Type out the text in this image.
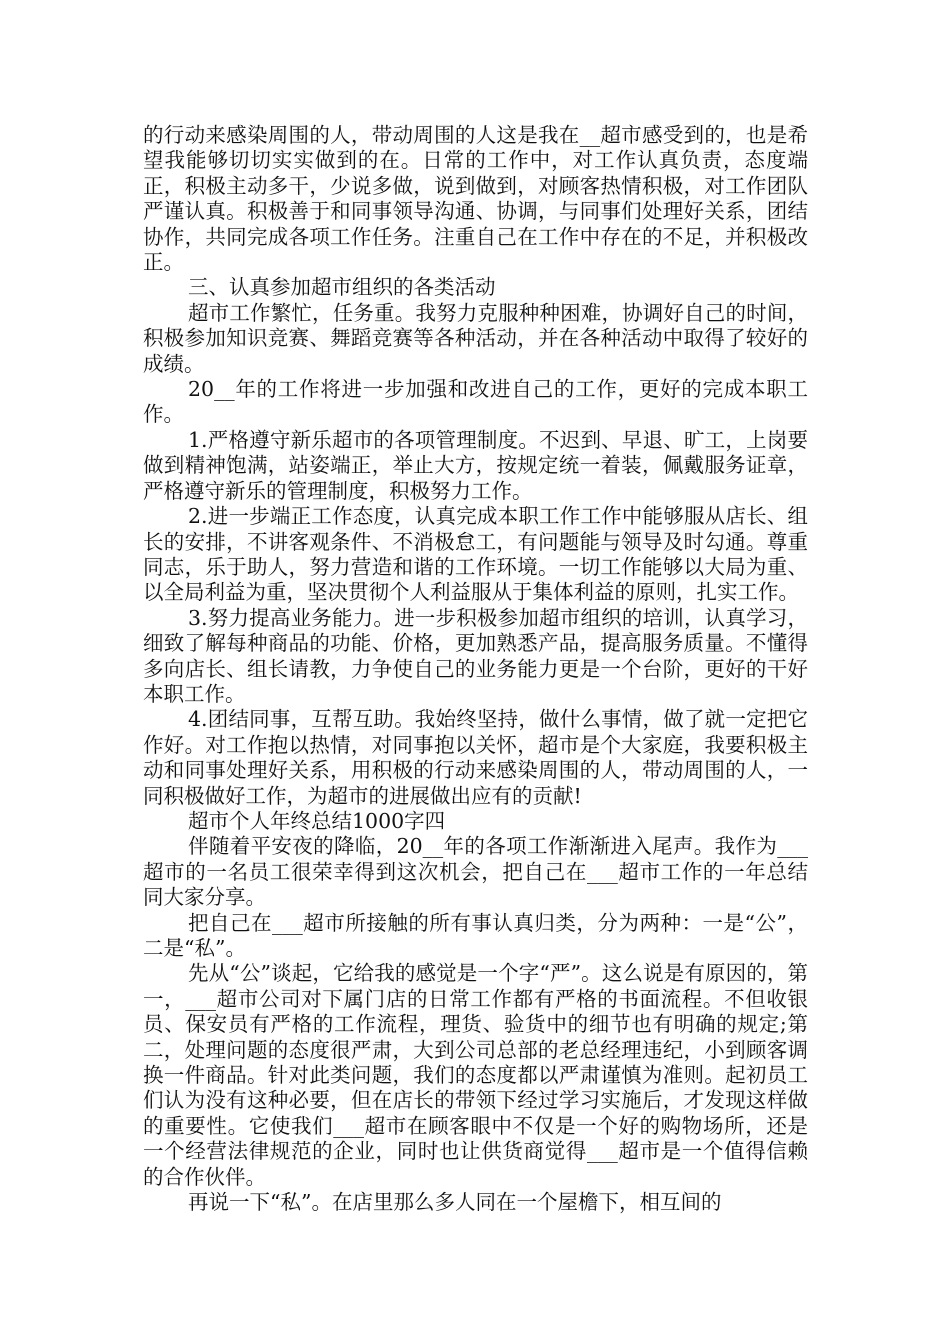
的行动来感染周围的人，带动周围的人这是我在__超市感受到的，也是希望我能够切切实实做到的在。日常的工作中，对工作认真负责，态度端正，积极主动多干，少说多做，说到做到，对顾客热情积极，对工作团队严谨认真。积极善于和同事领导沟通、协调，与同事们处理好关系，团结协作，共同完成各项工作任务。注重自己在工作中存在的不足，并积极改正。

三、认真参加超市组织的各类活动

超市工作繁忙，任务重。我努力克服种种困难，协调好自己的时间，积极参加知识竞赛、舞蹈竞赛等各种活动，并在各种活动中取得了较好的成绩。

20__年的工作将进一步加强和改进自己的工作，更好的完成本职工作。

1.严格遵守新乐超市的各项管理制度。不迟到、早退、旷工，上岗要做到精神饱满，站姿端正，举止大方，按规定统一着装，佩戴服务证章，严格遵守新乐的管理制度，积极努力工作。

2.进一步端正工作态度，认真完成本职工作工作中能够服从店长、组长的安排，不讲客观条件、不消极怠工，有问题能与领导及时勾通。尊重同志，乐于助人，努力营造和谐的工作环境。一切工作能够以大局为重、以全局利益为重，坚决贯彻个人利益服从于集体利益的原则，扎实工作。

3.努力提高业务能力。进一步积极参加超市组织的培训，认真学习，细致了解每种商品的功能、价格，更加熟悉产品，提高服务质量。不懂得多向店长、组长请教，力争使自己的业务能力更是一个台阶，更好的干好本职工作。

4.团结同事，互帮互助。我始终坚持，做什么事情，做了就一定把它作好。对工作抱以热情，对同事抱以关怀，超市是个大家庭，我要积极主动和同事处理好关系，用积极的行动来感染周围的人，带动周围的人，一同积极做好工作，为超市的进展做出应有的贡献!

超市个人年终总结1000字四

伴随着平安夜的降临，20__年的各项工作渐渐进入尾声。我作为___超市的一名员工很荣幸得到这次机会，把自己在___超市工作的一年总结同大家分享。

把自己在___超市所接触的所有事认真归类，分为两种：一是“公”，二是“私”。

先从“公”谈起，它给我的感觉是一个字“严”。这么说是有原因的，第一，___超市公司对下属门店的日常工作都有严格的书面流程。不但收银员、保安员有严格的工作流程，理货、验货中的细节也有明确的规定;第二，处理问题的态度很严肃，大到公司总部的老总经理违纪，小到顾客调换一件商品。针对此类问题，我们的态度都以严肃谨慎为准则。起初员工们认为没有这种必要，但在店长的带领下经过学习实施后，才发现这样做的重要性。它使我们___超市在顾客眼中不仅是一个好的购物场所，还是一个经营法律规范的企业，同时也让供货商觉得___超市是一个值得信赖的合作伙伴。

再说一下“私”。在店里那么多人同在一个屋檐下，相互间的
